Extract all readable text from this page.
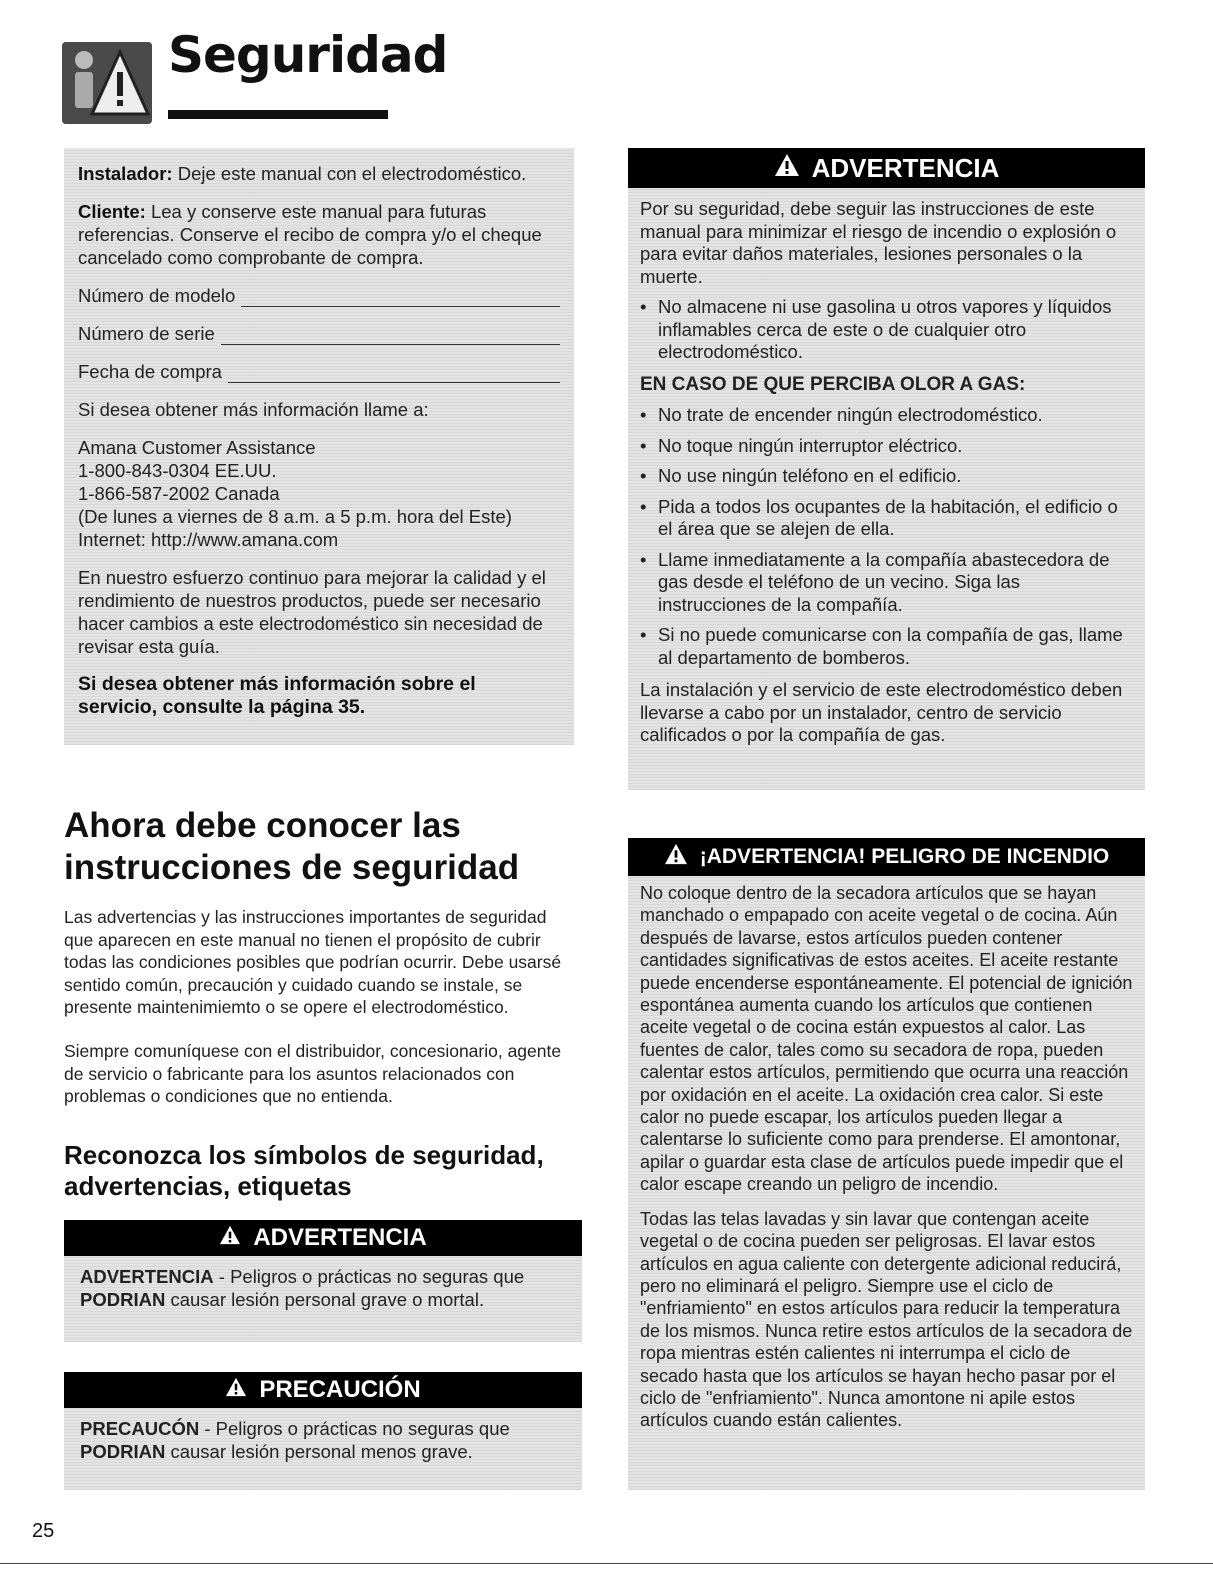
Seguridad

Instalador: Deje este manual con el electrodoméstico.

Cliente: Lea y conserve este manual para futuras referencias. Conserve el recibo de compra y/o el cheque cancelado como comprobante de compra.

Número de modelo
Número de serie
Fecha de compra

Si desea obtener más información llame a:

Amana Customer Assistance

1-800-843-0304 EE.UU.

1-866-587-2002 Canada

(De lunes a viernes de 8 a.m. a 5 p.m. hora del Este)

Internet: http://www.amana.com

En nuestro esfuerzo continuo para mejorar la calidad y el rendimiento de nuestros productos, puede ser necesario hacer cambios a este electrodoméstico sin necesidad de revisar esta guía.

Si desea obtener más información sobre el servicio, consulte la página 35.

ADVERTENCIA

Por su seguridad, debe seguir las instrucciones de este manual para minimizar el riesgo de incendio o explosión o para evitar daños materiales, lesiones personales o la muerte.

• No almacene ni use gasolina u otros vapores y líquidos inflamables cerca de este o de cualquier otro electrodoméstico.

EN CASO DE QUE PERCIBA OLOR A GAS:

• No trate de encender ningún electrodoméstico.
• No toque ningún interruptor eléctrico.
• No use ningún teléfono en el edificio.
• Pida a todos los ocupantes de la habitación, el edificio o el área que se alejen de ella.
• Llame inmediatamente a la compañía abastecedora de gas desde el teléfono de un vecino. Siga las instrucciones de la compañía.
• Si no puede comunicarse con la compañía de gas, llame al departamento de bomberos.

La instalación y el servicio de este electrodoméstico deben llevarse a cabo por un instalador, centro de servicio calificados o por la compañía de gas.

¡ADVERTENCIA! PELIGRO DE INCENDIO

No coloque dentro de la secadora artículos que se hayan manchado o empapado con aceite vegetal o de cocina. Aún después de lavarse, estos artículos pueden contener cantidades significativas de estos aceites. El aceite restante puede encenderse espontáneamente. El potencial de ignición espontánea aumenta cuando los artículos que contienen aceite vegetal o de cocina están expuestos al calor. Las fuentes de calor, tales como su secadora de ropa, pueden calentar estos artículos, permitiendo que ocurra una reacción por oxidación en el aceite. La oxidación crea calor. Si este calor no puede escapar, los artículos pueden llegar a calentarse lo suficiente como para prenderse. El amontonar, apilar o guardar esta clase de artículos puede impedir que el calor escape creando un peligro de incendio.

Todas las telas lavadas y sin lavar que contengan aceite vegetal o de cocina pueden ser peligrosas. El lavar estos artículos en agua caliente con detergente adicional reducirá, pero no eliminará el peligro. Siempre use el ciclo de "enfriamiento" en estos artículos para reducir la temperatura de los mismos. Nunca retire estos artículos de la secadora de ropa mientras estén calientes ni interrumpa el ciclo de secado hasta que los artículos se hayan hecho pasar por el ciclo de "enfriamiento". Nunca amontone ni apile estos artículos cuando están calientes.

Ahora debe conocer las instrucciones de seguridad
Las advertencias y las instrucciones importantes de seguridad que aparecen en este manual no tienen el propósito de cubrir todas las condiciones posibles que podrían ocurrir. Debe usarsé sentido común, precaución y cuidado cuando se instale, se presente maintenimiemto o se opere el electrodoméstico.
Siempre comuníquese con el distribuidor, concesionario, agente de servicio o fabricante para los asuntos relacionados con problemas o condiciones que no entienda.
Reconozca los símbolos de seguridad, advertencias, etiquetas
ADVERTENCIA

ADVERTENCIA - Peligros o prácticas no seguras que

PODRIAN causar lesión personal grave o mortal.

PRECAUCIÓN

PRECAUCÓN - Peligros o prácticas no seguras que

PODRIAN causar lesión personal menos grave.

25
